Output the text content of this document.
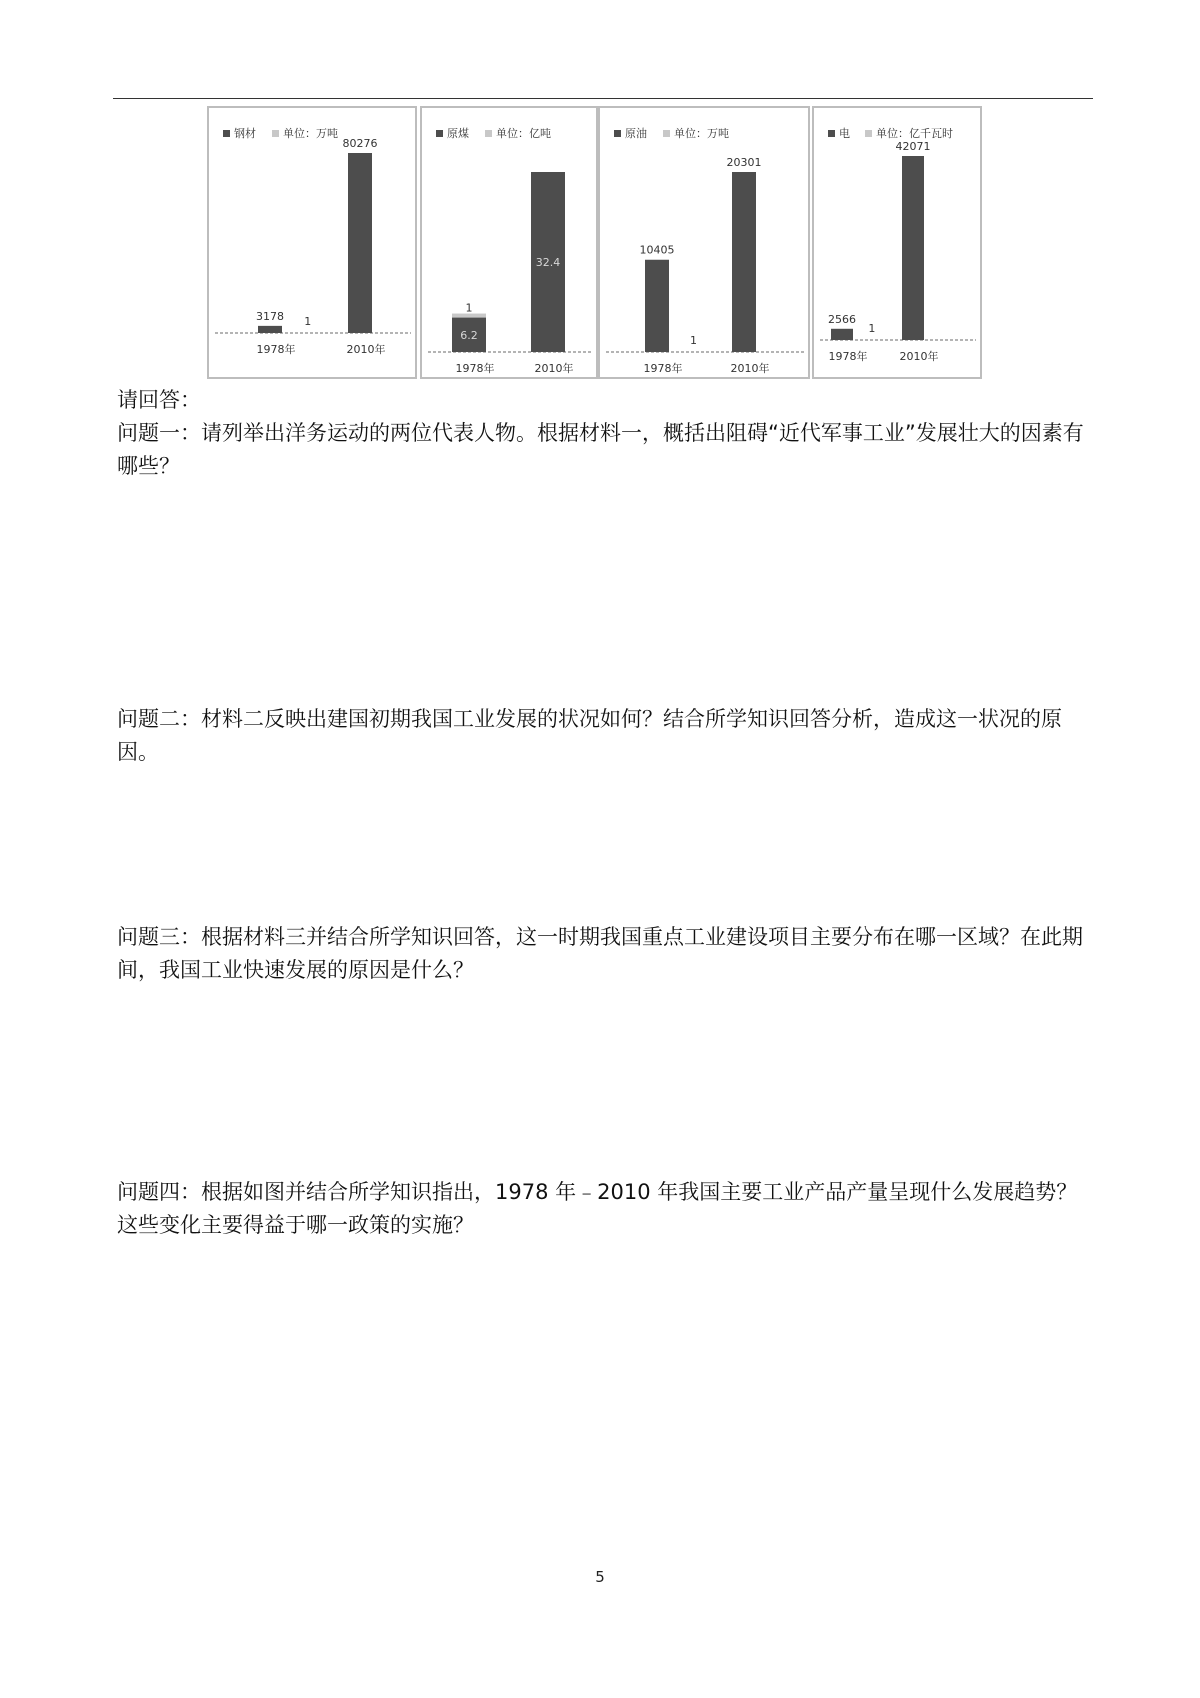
钢材 单位：万吨
3178
1978年
80276
2010年
1
原煤 单位：亿吨
6.2
1978年
32.4
2010年
1
原油 单位：万吨
10405
1978年
20301
2010年
1
电 单位：亿千瓦时
2566
1978年
42071
2010年
1

请回答：

问题一：请列举出洋务运动的两位代表人物。根据材料一，概括出阻碍“近代军事工业”发展壮大的因素有哪些？

问题二：材料二反映出建国初期我国工业发展的状况如何？结合所学知识回答分析，造成这一状况的原因。

问题三：根据材料三并结合所学知识回答，这一时期我国重点工业建设项目主要分布在哪一区域？在此期间，我国工业快速发展的原因是什么？

问题四：根据如图并结合所学知识指出，1978 年﹣2010 年我国主要工业产品产量呈现什么发展趋势？这些变化主要得益于哪一政策的实施？

5
